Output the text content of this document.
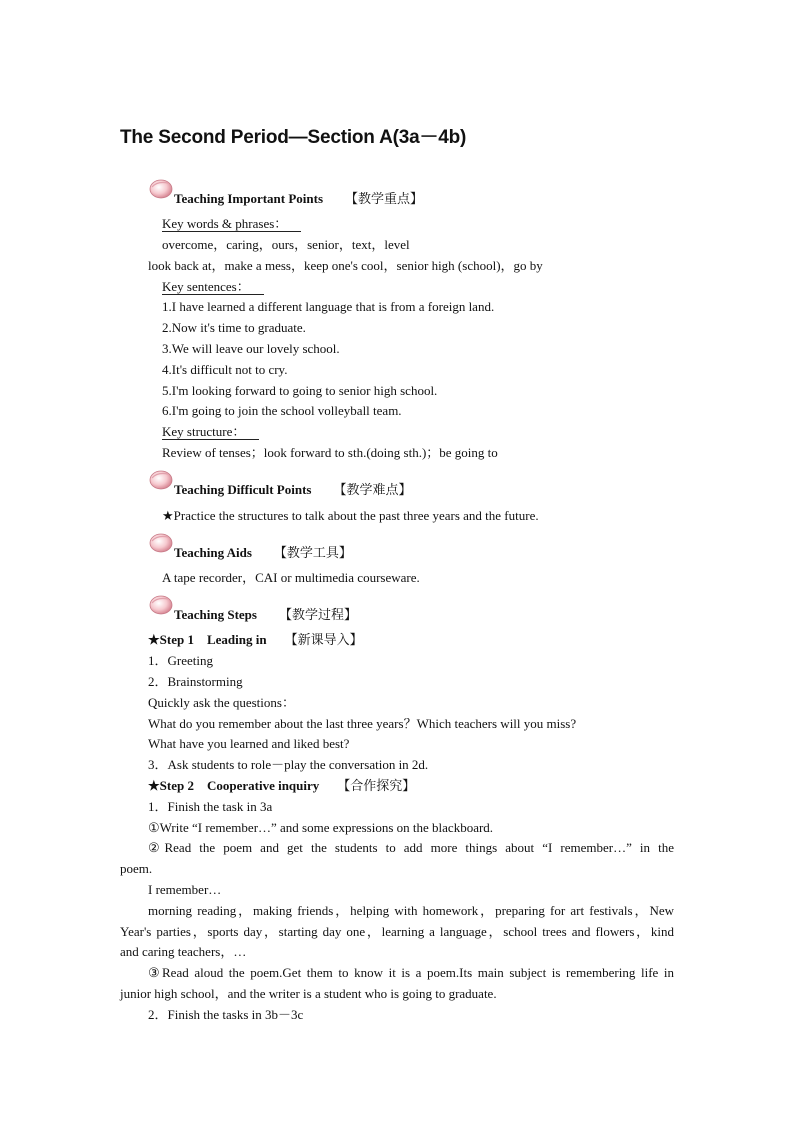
The Second Period—Section A(3a－4b)
Teaching Important Points 【教学重点】
Key words & phrases：
overcome，caring，ours，senior，text，level
look back at，make a mess，keep one's cool，senior high (school)，go by
Key sentences：
1.I have learned a different language that is from a foreign land.
2.Now it's time to graduate.
3.We will leave our lovely school.
4.It's difficult not to cry.
5.I'm looking forward to going to senior high school.
6.I'm going to join the school volleyball team.
Key structure：
Review of tenses；look forward to sth.(doing sth.)；be going to
Teaching Difficult Points 【教学难点】
★Practice the structures to talk about the past three years and the future.
Teaching Aids 【教学工具】
A tape recorder，CAI or multimedia courseware.
Teaching Steps 【教学过程】
★Step 1　Leading in 【新课导入】
1．Greeting
2．Brainstorming
Quickly ask the questions：
What do you remember about the last three years？Which teachers will you miss?
What have you learned and liked best?
3．Ask students to role－play the conversation in 2d.
★Step 2　Cooperative inquiry 【合作探究】
1．Finish the task in 3a
①Write “I remember…” and some expressions on the blackboard.
②Read the poem and get the students to add more things about “I remember…” in the
poem.
I remember…
morning reading，making friends，helping with homework，preparing for art festivals，New
Year's parties，sports day，starting day one，learning a language，school trees and flowers，kind
and caring teachers，…
③Read aloud the poem.Get them to know it is a poem.Its main subject is remembering life in
junior high school，and the writer is a student who is going to graduate.
2．Finish the tasks in 3b－3c
